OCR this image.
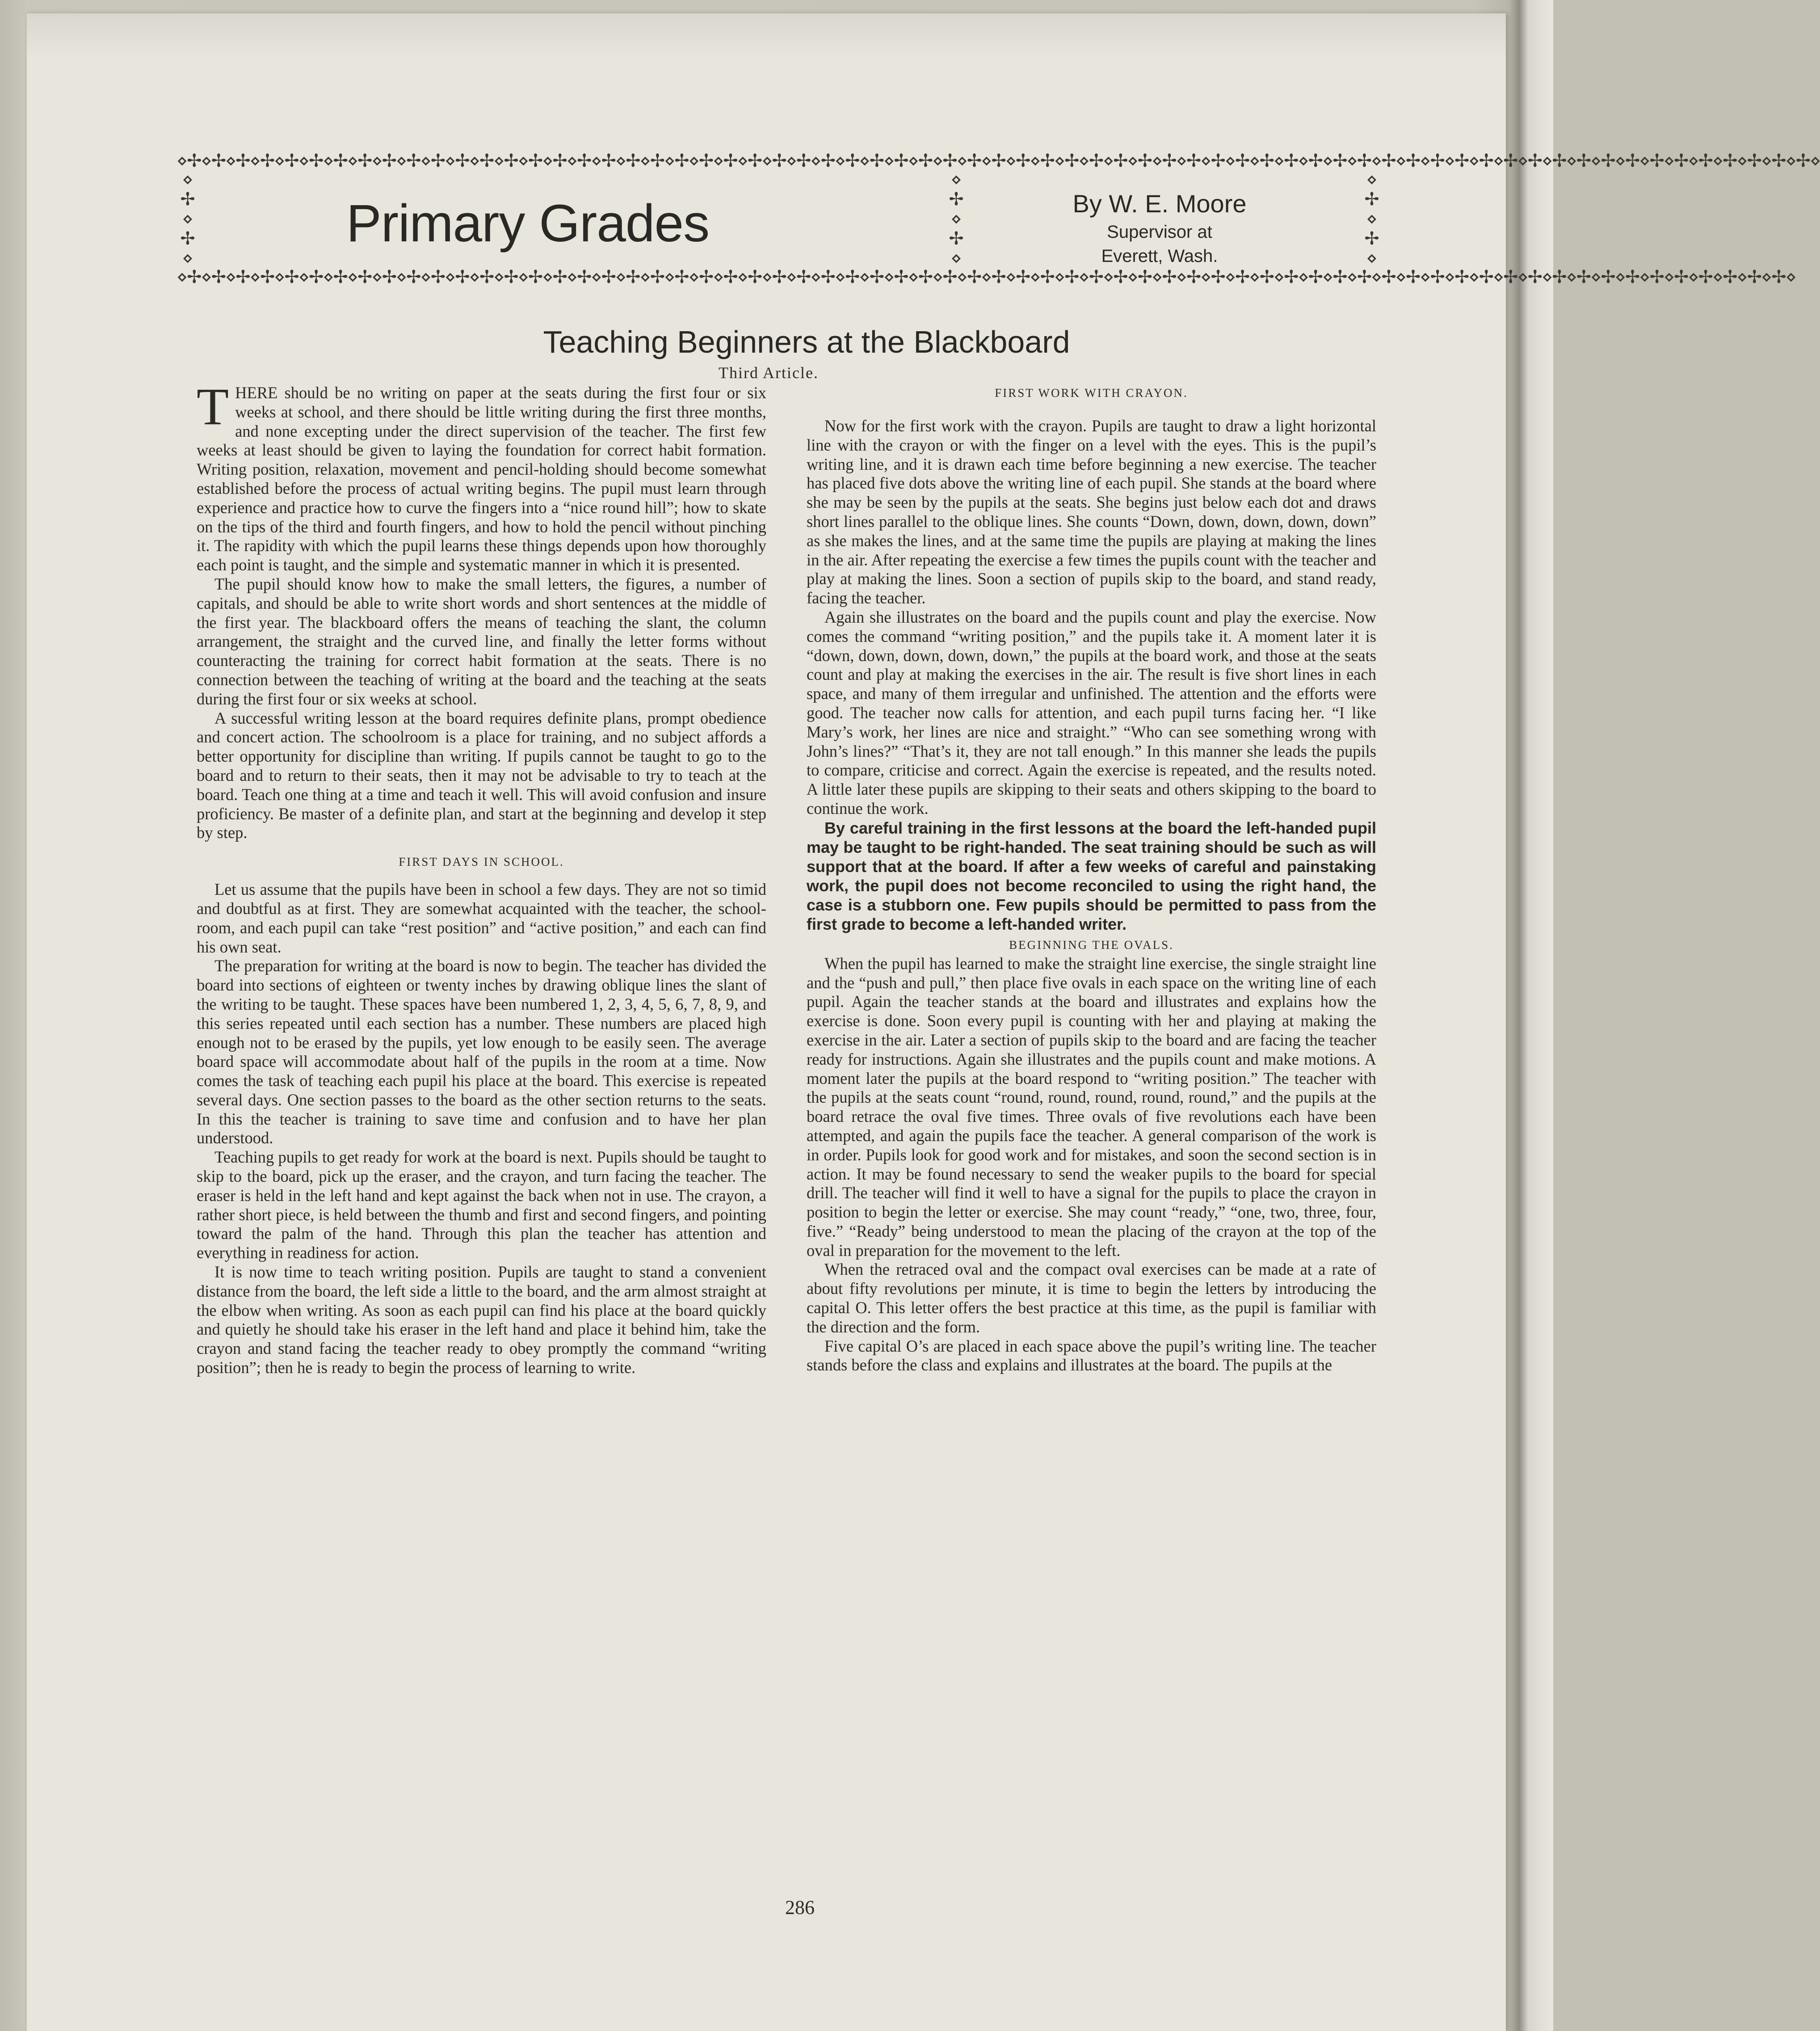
⋄✢⋄✢⋄✢⋄✢⋄✢⋄✢⋄✢⋄✢⋄✢⋄✢⋄✢⋄✢⋄✢⋄✢⋄✢⋄✢⋄✢⋄✢⋄✢⋄✢⋄✢⋄✢⋄✢⋄✢⋄✢⋄✢⋄✢⋄✢⋄✢⋄✢⋄✢⋄✢⋄✢⋄✢⋄✢⋄✢⋄✢⋄✢⋄✢⋄✢⋄✢⋄✢⋄✢⋄✢⋄✢⋄✢⋄✢⋄✢⋄✢⋄✢⋄✢⋄✢⋄✢⋄✢⋄✢⋄✢⋄✢⋄✢⋄✢⋄✢⋄✢⋄✢⋄✢⋄✢⋄✢⋄✢⋄✢⋄
⋄✢⋄✢⋄✢⋄✢⋄✢⋄✢⋄✢⋄✢⋄✢⋄✢⋄✢⋄✢⋄✢⋄✢⋄✢⋄✢⋄✢⋄✢⋄✢⋄✢⋄✢⋄✢⋄✢⋄✢⋄✢⋄✢⋄✢⋄✢⋄✢⋄✢⋄✢⋄✢⋄✢⋄✢⋄✢⋄✢⋄✢⋄✢⋄✢⋄✢⋄✢⋄✢⋄✢⋄✢⋄✢⋄✢⋄✢⋄✢⋄✢⋄✢⋄✢⋄✢⋄✢⋄✢⋄✢⋄✢⋄✢⋄✢⋄✢⋄✢⋄✢⋄✢⋄✢⋄✢⋄✢⋄✢⋄
⋄✢⋄✢⋄
⋄✢⋄✢⋄
⋄✢⋄✢⋄
Primary Grades	By W. E. Moore
Supervisor at
Everett, Wash.
Teaching Beginners at the Blackboard
Third Article.

THERE should be no writing on paper at the seats during the first four or six weeks at school, and there should be little writing during the first three months, and none excepting under the direct supervision of the teacher. The first few weeks at least should be given to laying the foundation for correct habit formation. Writing position, relaxation, movement and pencil-holding should become somewhat established before the process of actual writing begins. The pupil must learn through experience and practice how to curve the fingers into a “nice round hill”; how to skate on the tips of the third and fourth fingers, and how to hold the pencil without pinching it. The rapidity with which the pupil learns these things depends upon how thoroughly each point is taught, and the simple and systematic manner in which it is presented.

The pupil should know how to make the small letters, the figures, a number of capitals, and should be able to write short words and short sentences at the middle of the first year. The blackboard offers the means of teaching the slant, the column arrangement, the straight and the curved line, and finally the letter forms without counteracting the training for correct habit formation at the seats. There is no connection between the teaching of writing at the board and the teaching at the seats during the first four or six weeks at school.

A successful writing lesson at the board requires definite plans, prompt obedience and concert action. The schoolroom is a place for training, and no subject affords a better opportunity for discipline than writing. If pupils cannot be taught to go to the board and to return to their seats, then it may not be advisable to try to teach at the board. Teach one thing at a time and teach it well. This will avoid confusion and insure proficiency. Be master of a definite plan, and start at the beginning and develop it step by step.

FIRST DAYS IN SCHOOL.

Let us assume that the pupils have been in school a few days. They are not so timid and doubtful as at first. They are somewhat acquainted with the teacher, the school-room, and each pupil can take “rest position” and “active position,” and each can find his own seat.

The preparation for writing at the board is now to begin. The teacher has divided the board into sections of eighteen or twenty inches by drawing oblique lines the slant of the writing to be taught. These spaces have been numbered 1, 2, 3, 4, 5, 6, 7, 8, 9, and this series repeated until each section has a number. These numbers are placed high enough not to be erased by the pupils, yet low enough to be easily seen. The average board space will accommodate about half of the pupils in the room at a time. Now comes the task of teaching each pupil his place at the board. This exercise is repeated several days. One section passes to the board as the other section returns to the seats. In this the teacher is training to save time and confusion and to have her plan understood.

Teaching pupils to get ready for work at the board is next. Pupils should be taught to skip to the board, pick up the eraser, and the crayon, and turn facing the teacher. The eraser is held in the left hand and kept against the back when not in use. The crayon, a rather short piece, is held between the thumb and first and second fingers, and pointing toward the palm of the hand. Through this plan the teacher has attention and everything in readiness for action.

It is now time to teach writing position. Pupils are taught to stand a convenient distance from the board, the left side a little to the board, and the arm almost straight at the elbow when writing. As soon as each pupil can find his place at the board quickly and quietly he should take his eraser in the left hand and place it behind him, take the crayon and stand facing the teacher ready to obey promptly the command “writing position”; then he is ready to begin the process of learning to write.

FIRST WORK WITH CRAYON.

Now for the first work with the crayon. Pupils are taught to draw a light horizontal line with the crayon or with the finger on a level with the eyes. This is the pupil’s writing line, and it is drawn each time before beginning a new exercise. The teacher has placed five dots above the writing line of each pupil. She stands at the board where she may be seen by the pupils at the seats. She begins just below each dot and draws short lines parallel to the oblique lines. She counts “Down, down, down, down, down” as she makes the lines, and at the same time the pupils are playing at making the lines in the air. After repeating the exercise a few times the pupils count with the teacher and play at making the lines. Soon a section of pupils skip to the board, and stand ready, facing the teacher.

Again she illustrates on the board and the pupils count and play the exercise. Now comes the command “writing position,” and the pupils take it. A moment later it is “down, down, down, down, down,” the pupils at the board work, and those at the seats count and play at making the exercises in the air. The result is five short lines in each space, and many of them irregular and unfinished. The attention and the efforts were good. The teacher now calls for attention, and each pupil turns facing her. “I like Mary’s work, her lines are nice and straight.” “Who can see something wrong with John’s lines?” “That’s it, they are not tall enough.” In this manner she leads the pupils to compare, criticise and correct. Again the exercise is repeated, and the results noted. A little later these pupils are skipping to their seats and others skipping to the board to continue the work.

By careful training in the first lessons at the board the left-handed pupil may be taught to be right-handed. The seat training should be such as will support that at the board. If after a few weeks of careful and painstaking work, the pupil does not become reconciled to using the right hand, the case is a stubborn one. Few pupils should be permitted to pass from the first grade to become a left-handed writer.

BEGINNING THE OVALS.

When the pupil has learned to make the straight line exercise, the single straight line and the “push and pull,” then place five ovals in each space on the writing line of each pupil. Again the teacher stands at the board and illustrates and explains how the exercise is done. Soon every pupil is counting with her and playing at making the exercise in the air. Later a section of pupils skip to the board and are facing the teacher ready for instructions. Again she illustrates and the pupils count and make motions. A moment later the pupils at the board respond to “writing position.” The teacher with the pupils at the seats count “round, round, round, round, round,” and the pupils at the board retrace the oval five times. Three ovals of five revolutions each have been attempted, and again the pupils face the teacher. A general comparison of the work is in order. Pupils look for good work and for mistakes, and soon the second section is in action. It may be found necessary to send the weaker pupils to the board for special drill. The teacher will find it well to have a signal for the pupils to place the crayon in position to begin the letter or exercise. She may count “ready,” “one, two, three, four, five.” “Ready” being understood to mean the placing of the crayon at the top of the oval in preparation for the movement to the left.

When the retraced oval and the compact oval exercises can be made at a rate of about fifty revolutions per minute, it is time to begin the letters by introducing the capital O. This letter offers the best practice at this time, as the pupil is familiar with the direction and the form.

Five capital O’s are placed in each space above the pupil’s writing line. The teacher stands before the class and explains and illustrates at the board. The pupils at the

286
